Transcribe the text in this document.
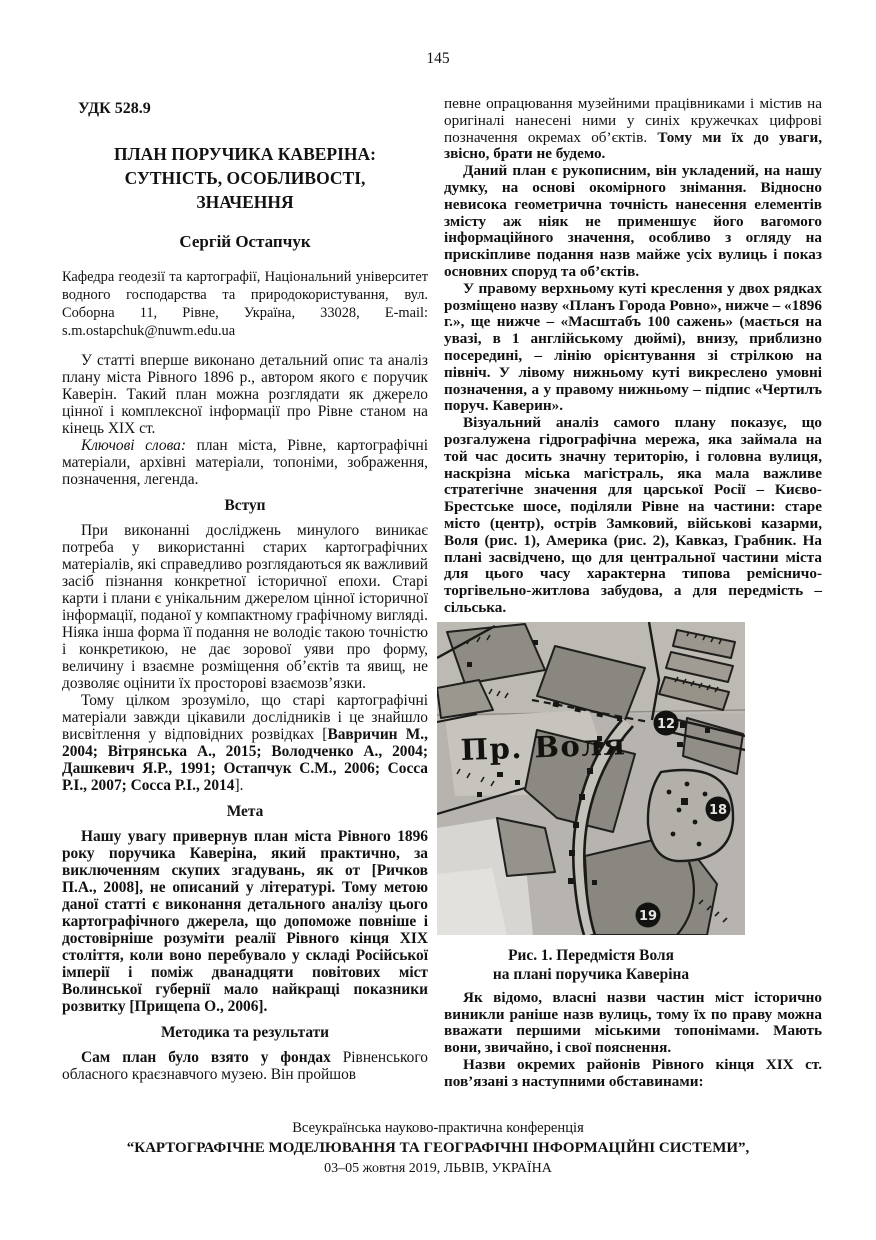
145
УДК 528.9
ПЛАН ПОРУЧИКА КАВЕРІНА:
СУТНІСТЬ, ОСОБЛИВОСТІ,
ЗНАЧЕННЯ
Сергій Остапчук
Кафедра геодезії та картографії, Національний університет водного господарства та природокористування, вул. Соборна 11, Рівне, Україна, 33028, E-mail: s.m.ostapchuk@nuwm.edu.ua

У статті вперше виконано детальний опис та аналіз плану міста Рівного 1896 р., автором якого є поручик Каверін. Такий план можна розглядати як джерело цінної і комплексної інформації про Рівне станом на кінець XIX ст.

Ключові слова: план міста, Рівне, картографічні матеріали, архівні матеріали, топоніми, зображення, позначення, легенда.

Вступ

При виконанні досліджень минулого виникає потреба у використанні старих картографічних матеріалів, які справедливо розглядаються як важливий засіб пізнання конкретної історичної епохи. Старі карти і плани є унікальним джерелом цінної історичної інформації, поданої у компактному графічному вигляді. Ніяка інша форма її подання не володіє такою точністю і конкретикою, не дає зорової уяви про форму, величину і взаємне розміщення об’єктів та явищ, не дозволяє оцінити їх просторові взаємозв’язки.

Тому цілком зрозуміло, що старі картографічні матеріали завжди цікавили дослідників і це знайшло висвітлення у відповідних розвідках [Вавричин М., 2004; Вітрянська А., 2015; Володченко А., 2004; Дашкевич Я.Р., 1991; Остапчук С.М., 2006; Сосса Р.І., 2007; Сосса Р.І., 2014].

Мета

Нашу увагу привернув план міста Рівного 1896 року поручика Каверіна, який практично, за виключенням скупих згадувань, як от [Ричков П.А., 2008], не описаний у літературі. Тому метою даної статті є виконання детального аналізу цього картографічного джерела, що допоможе повніше і достовірніше розуміти реалії Рівного кінця XIX століття, коли воно перебувало у складі Російської імперії і поміж дванадцяти повітових міст Волинської губернії мало найкращі показники розвитку [Прищепа О., 2006].

Методика та результати

Сам план було взято у фондах Рівненського обласного краєзнавчого музею. Він пройшов

певне опрацювання музейними працівниками і містив на оригіналі нанесені ними у синіх кружечках цифрові позначення окремах об’єктів. Тому ми їх до уваги, звісно, брати не будемо.

Даний план є рукописним, він укладений, на нашу думку, на основі окомірного знімання. Відносно невисока геометрична точність нанесення елементів змісту аж ніяк не применшує його вагомого інформаційного значення, особливо з огляду на прискіпливе подання назв майже усіх вулиць і показ основних споруд та об’єктів.

У правому верхньому куті креслення у двох рядках розміщено назву «Планъ Города Ровно», нижче – «1896 г.», ще нижче – «Масштабъ 100 сажень» (мається на увазі, в 1 англійському дюймі), внизу, приблизно посередині, – лінію орієнтування зі стрілкою на північ. У лівому нижньому куті викреслено умовні позначення, а у правому нижньому – підпис «Чертилъ поруч. Каверин».

Візуальний аналіз самого плану показує, що розгалужена гідрографічна мережа, яка займала на той час досить значну територію, і головна вулиця, наскрізна міська магістраль, яка мала важливе стратегічне значення для царської Росії – Києво-Брестське шосе, поділяли Рівне на частини: старе місто (центр), острів Замковий, військові казарми, Воля (рис. 1), Америка (рис. 2), Кавказ, Грабник. На плані засвідчено, що для центральної частини міста для цього часу характерна типова ремісничо-торгівельно-житлова забудова, а для передмість – сільська.

Пр. Воля
12
18
19
Рис. 1. Передмістя Воля
на плані поручика Каверіна

Як відомо, власні назви частин міст історично виникли раніше назв вулиць, тому їх по праву можна вважати першими міськими топонімами. Мають вони, звичайно, і свої пояснення.

Назви окремих районів Рівного кінця XIX ст. пов’язані з наступними обставинами:

Всеукраїнська науково-практична конференція
“КАРТОГРАФІЧНЕ МОДЕЛЮВАННЯ ТА ГЕОГРАФІЧНІ ІНФОРМАЦІЙНІ СИСТЕМИ”,
03–05 жовтня 2019, ЛЬВІВ, УКРАЇНА
